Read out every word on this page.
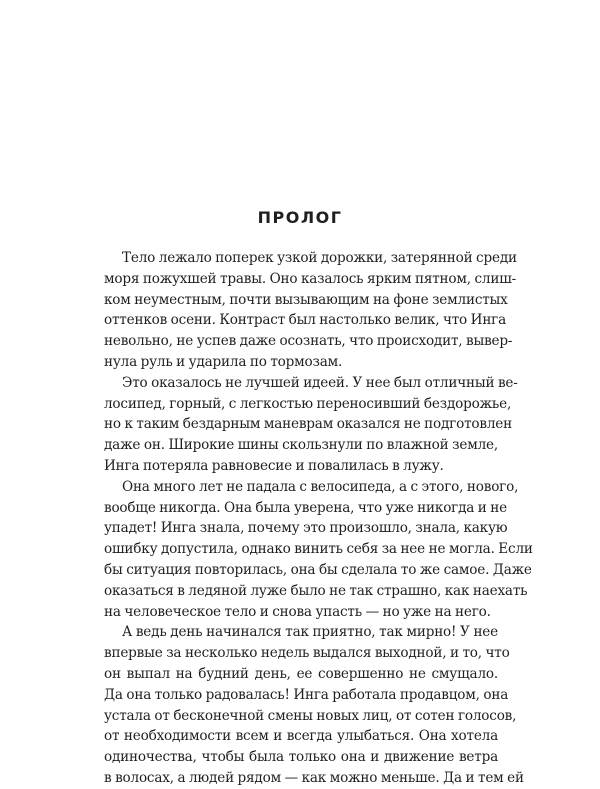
ПРОЛОГ
Тело лежало поперек узкой дорожки, затерянной среди
моря пожухшей травы. Оно казалось ярким пятном, слиш-
ком неуместным, почти вызывающим на фоне землистых
оттенков осени. Контраст был настолько велик, что Инга
невольно, не успев даже осознать, что происходит, вывер-
нула руль и ударила по тормозам.
Это оказалось не лучшей идеей. У нее был отличный ве-
лосипед, горный, с легкостью переносивший бездорожье,
но к таким бездарным маневрам оказался не подготовлен
даже он. Широкие шины скользнули по влажной земле,
Инга потеряла равновесие и повалилась в лужу.
Она много лет не падала с велосипеда, а с этого, нового,
вообще никогда. Она была уверена, что уже никогда и не
упадет! Инга знала, почему это произошло, знала, какую
ошибку допустила, однако винить себя за нее не могла. Если
бы ситуация повторилась, она бы сделала то же самое. Даже
оказаться в ледяной луже было не так страшно, как наехать
на человеческое тело и снова упасть — но уже на него.
А ведь день начинался так приятно, так мирно! У нее
впервые за несколько недель выдался выходной, и то, что
он выпал на будний день, ее совершенно не смущало.
Да она только радовалась! Инга работала продавцом, она
устала от бесконечной смены новых лиц, от сотен голосов,
от необходимости всем и всегда улыбаться. Она хотела
одиночества, чтобы была только она и движение ветра
в волосах, а людей рядом — как можно меньше. Да и тем ей
